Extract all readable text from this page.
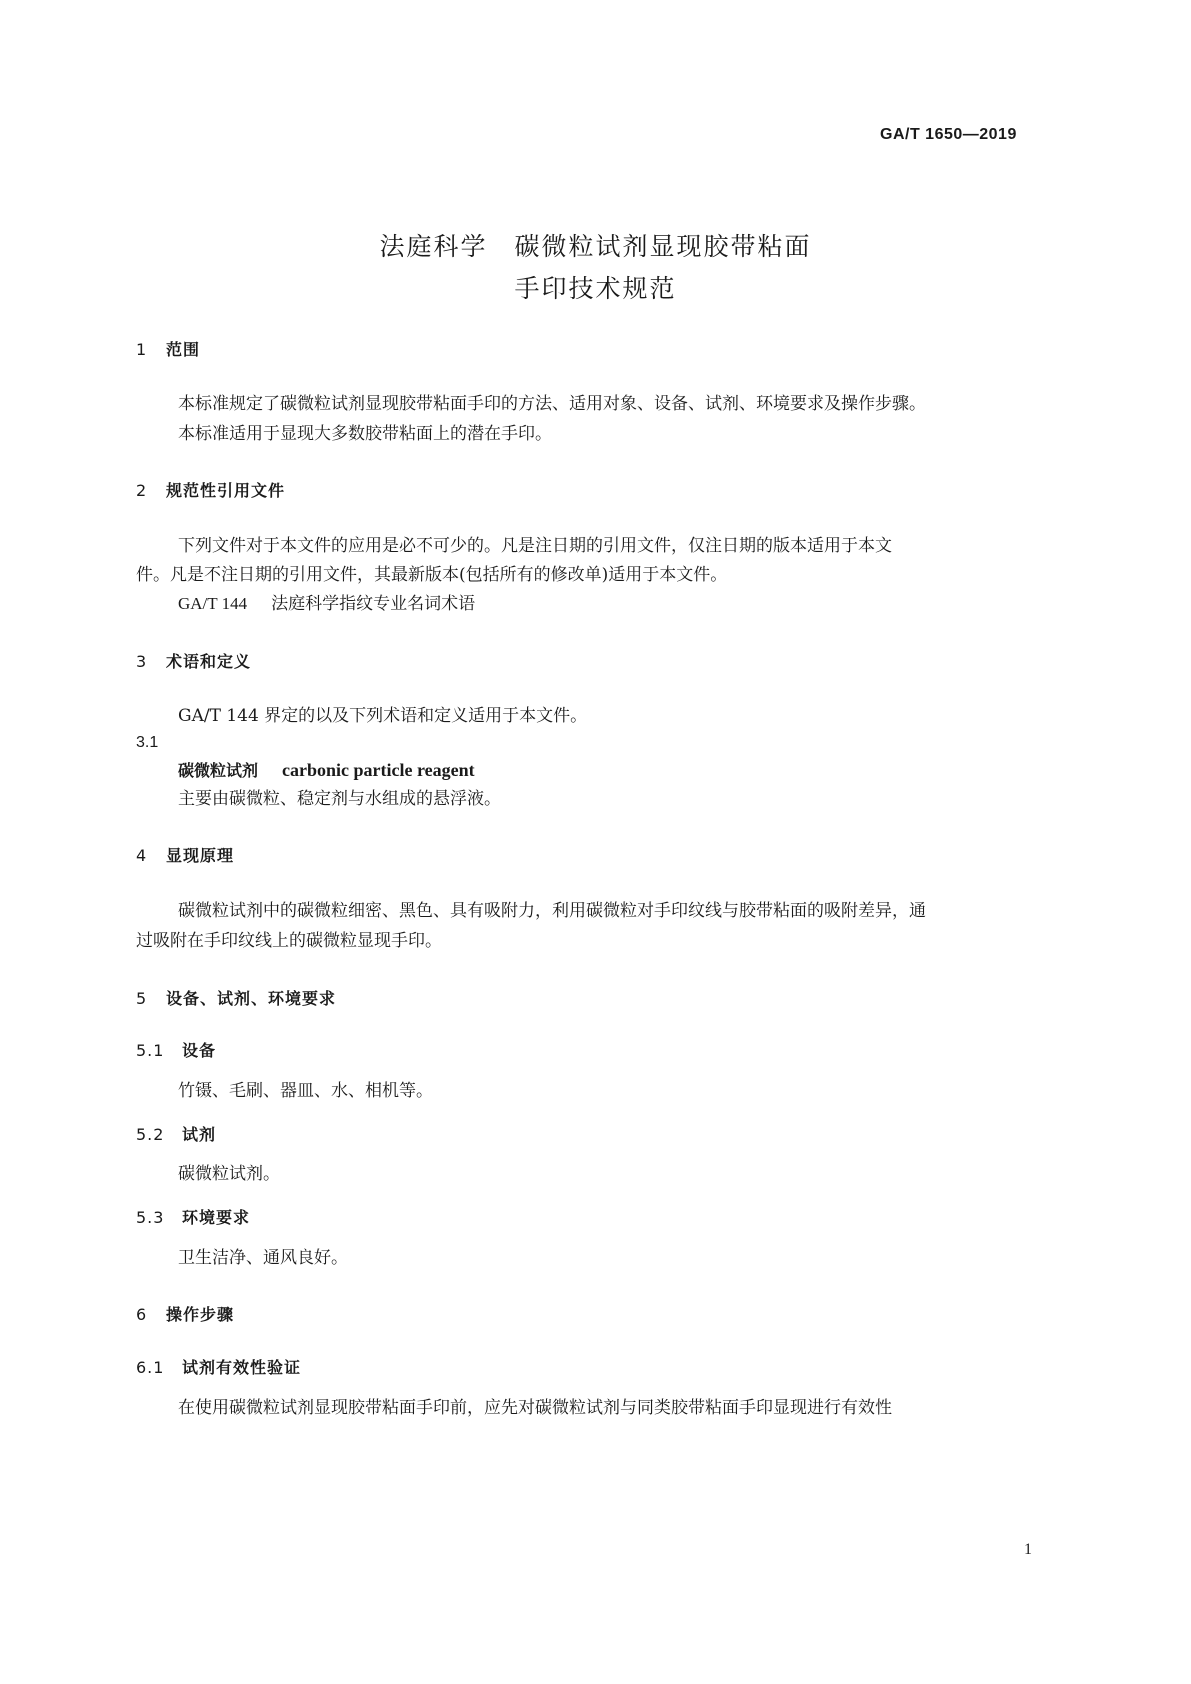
GA/T 1650—2019
法庭科学　碳微粒试剂显现胶带粘面
手印技术规范
1 范围
本标准规定了碳微粒试剂显现胶带粘面手印的方法、适用对象、设备、试剂、环境要求及操作步骤。
本标准适用于显现大多数胶带粘面上的潜在手印。
2 规范性引用文件
下列文件对于本文件的应用是必不可少的。凡是注日期的引用文件，仅注日期的版本适用于本文
件。凡是不注日期的引用文件，其最新版本(包括所有的修改单)适用于本文件。
GA/T 144 法庭科学指纹专业名词术语
3 术语和定义
GA/T 144 界定的以及下列术语和定义适用于本文件。
3.1
碳微粒试剂 carbonic particle reagent
主要由碳微粒、稳定剂与水组成的悬浮液。
4 显现原理
碳微粒试剂中的碳微粒细密、黑色、具有吸附力，利用碳微粒对手印纹线与胶带粘面的吸附差异，通
过吸附在手印纹线上的碳微粒显现手印。
5 设备、试剂、环境要求
5.1 设备
竹镊、毛刷、器皿、水、相机等。
5.2 试剂
碳微粒试剂。
5.3 环境要求
卫生洁净、通风良好。
6 操作步骤
6.1 试剂有效性验证
在使用碳微粒试剂显现胶带粘面手印前，应先对碳微粒试剂与同类胶带粘面手印显现进行有效性
1
